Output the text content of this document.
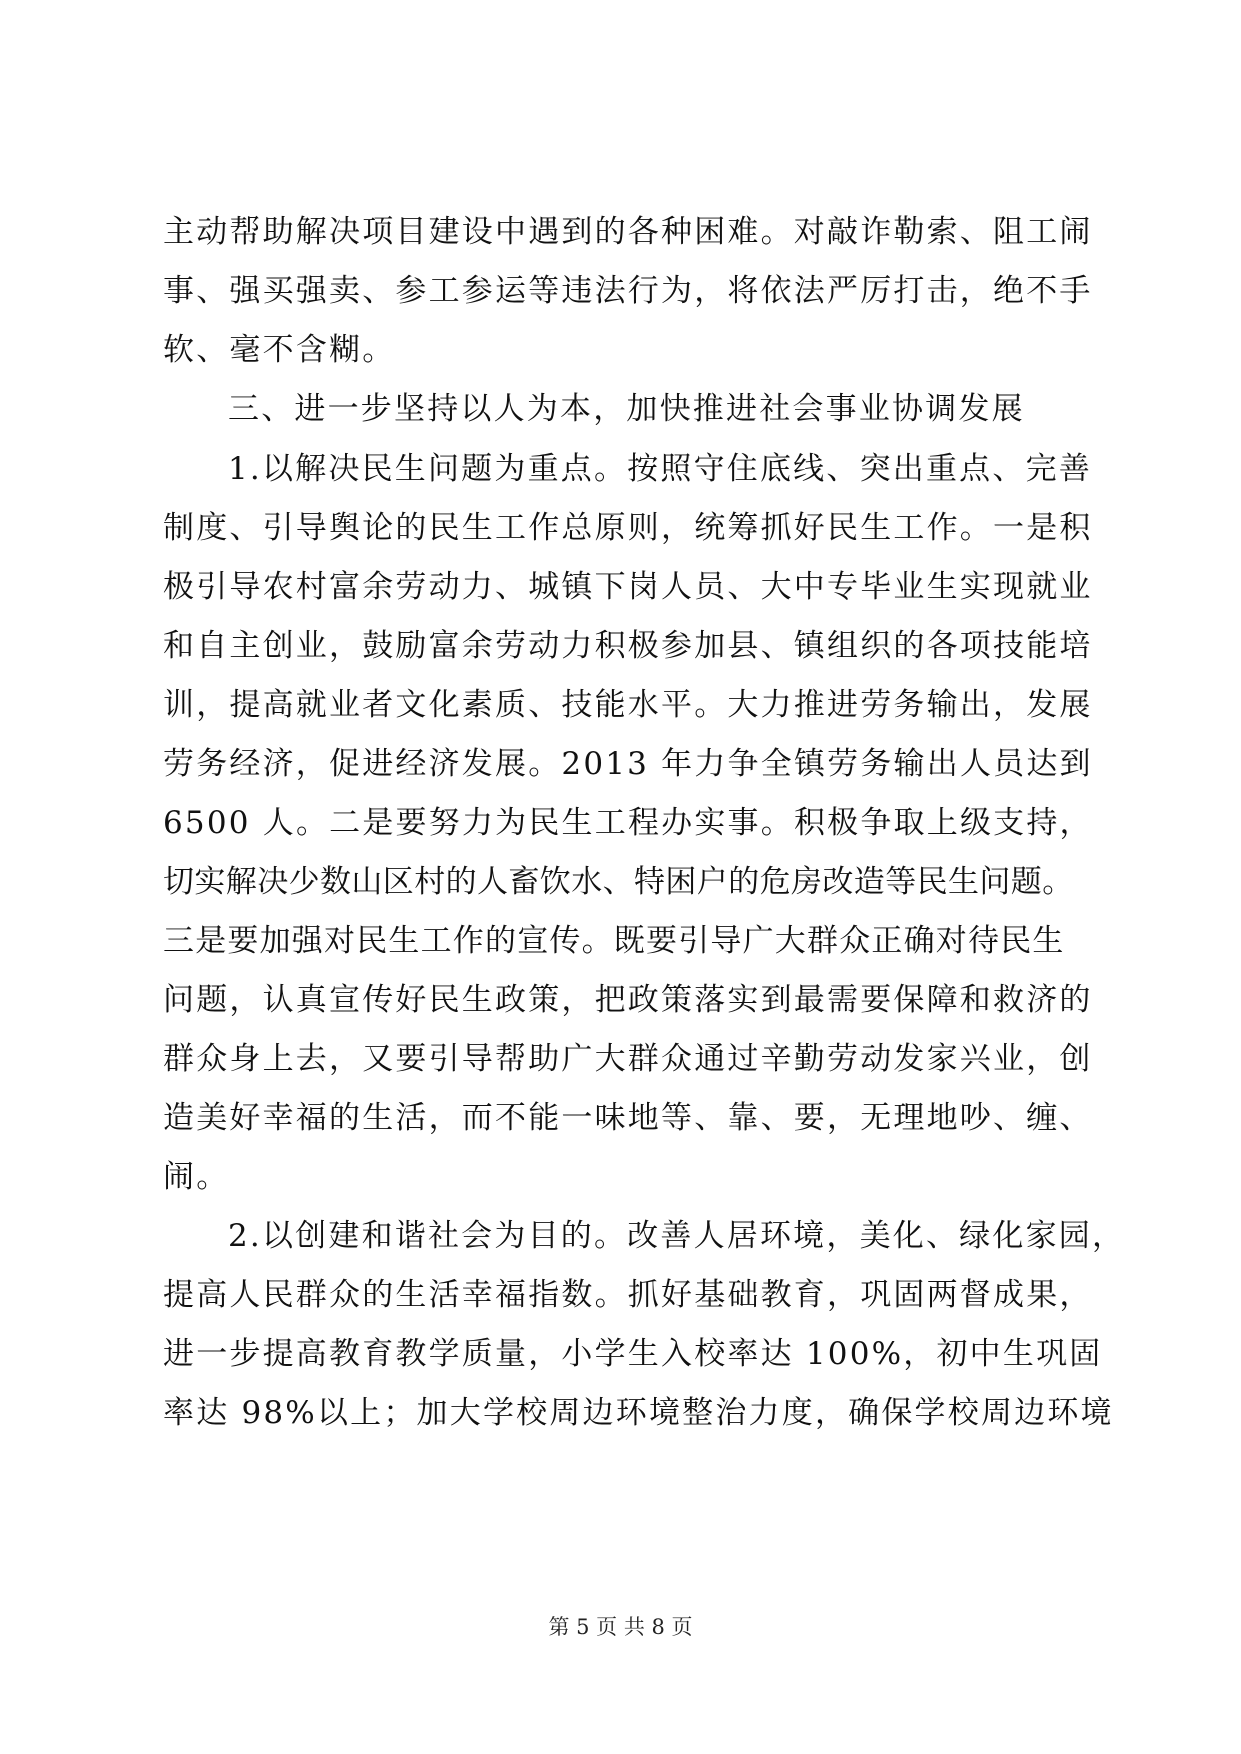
主动帮助解决项目建设中遇到的各种困难。对敲诈勒索、阻工闹
事、强买强卖、参工参运等违法行为，将依法严厉打击，绝不手
软、毫不含糊。
三、进一步坚持以人为本，加快推进社会事业协调发展
1.以解决民生问题为重点。按照守住底线、突出重点、完善
制度、引导舆论的民生工作总原则，统筹抓好民生工作。一是积
极引导农村富余劳动力、城镇下岗人员、大中专毕业生实现就业
和自主创业，鼓励富余劳动力积极参加县、镇组织的各项技能培
训，提高就业者文化素质、技能水平。大力推进劳务输出，发展
劳务经济，促进经济发展。2013 年力争全镇劳务输出人员达到
6500 人。二是要努力为民生工程办实事。积极争取上级支持，
切实解决少数山区村的人畜饮水、特困户的危房改造等民生问题。
三是要加强对民生工作的宣传。既要引导广大群众正确对待民生
问题，认真宣传好民生政策，把政策落实到最需要保障和救济的
群众身上去，又要引导帮助广大群众通过辛勤劳动发家兴业，创
造美好幸福的生活，而不能一味地等、靠、要，无理地吵、缠、
闹。
2.以创建和谐社会为目的。改善人居环境，美化、绿化家园，
提高人民群众的生活幸福指数。抓好基础教育，巩固两督成果，
进一步提高教育教学质量，小学生入校率达 100%，初中生巩固
率达 98%以上；加大学校周边环境整治力度，确保学校周边环境
第 5 页 共 8 页
